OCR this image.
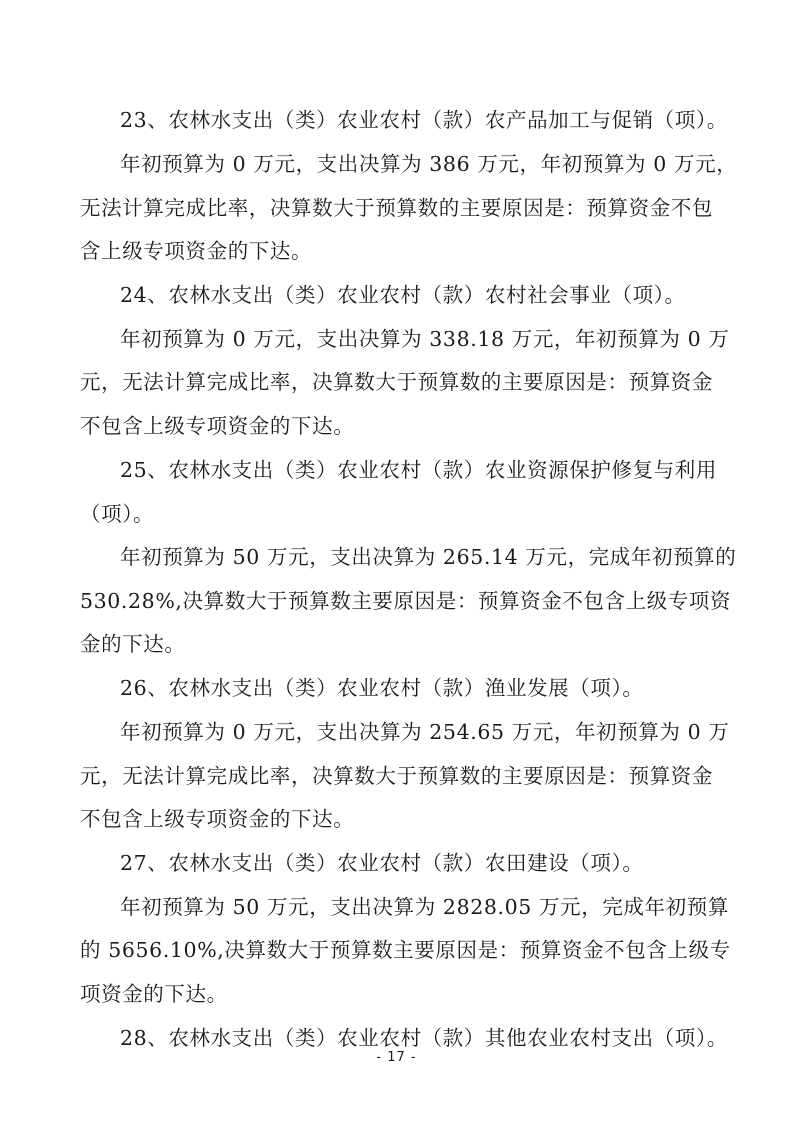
23、农林水支出（类）农业农村（款）农产品加工与促销（项）。
年初预算为 0 万元，支出决算为 386 万元，年初预算为 0 万元，
无法计算完成比率，决算数大于预算数的主要原因是：预算资金不包
含上级专项资金的下达。
24、农林水支出（类）农业农村（款）农村社会事业（项）。
年初预算为 0 万元，支出决算为 338.18 万元，年初预算为 0 万
元，无法计算完成比率，决算数大于预算数的主要原因是：预算资金
不包含上级专项资金的下达。
25、农林水支出（类）农业农村（款）农业资源保护修复与利用
（项）。
年初预算为 50 万元，支出决算为 265.14 万元，完成年初预算的
530.28%,决算数大于预算数主要原因是：预算资金不包含上级专项资
金的下达。
26、农林水支出（类）农业农村（款）渔业发展（项）。
年初预算为 0 万元，支出决算为 254.65 万元，年初预算为 0 万
元，无法计算完成比率，决算数大于预算数的主要原因是：预算资金
不包含上级专项资金的下达。
27、农林水支出（类）农业农村（款）农田建设（项）。
年初预算为 50 万元，支出决算为 2828.05 万元，完成年初预算
的 5656.10%,决算数大于预算数主要原因是：预算资金不包含上级专
项资金的下达。
28、农林水支出（类）农业农村（款）其他农业农村支出（项）。
- 17 -
